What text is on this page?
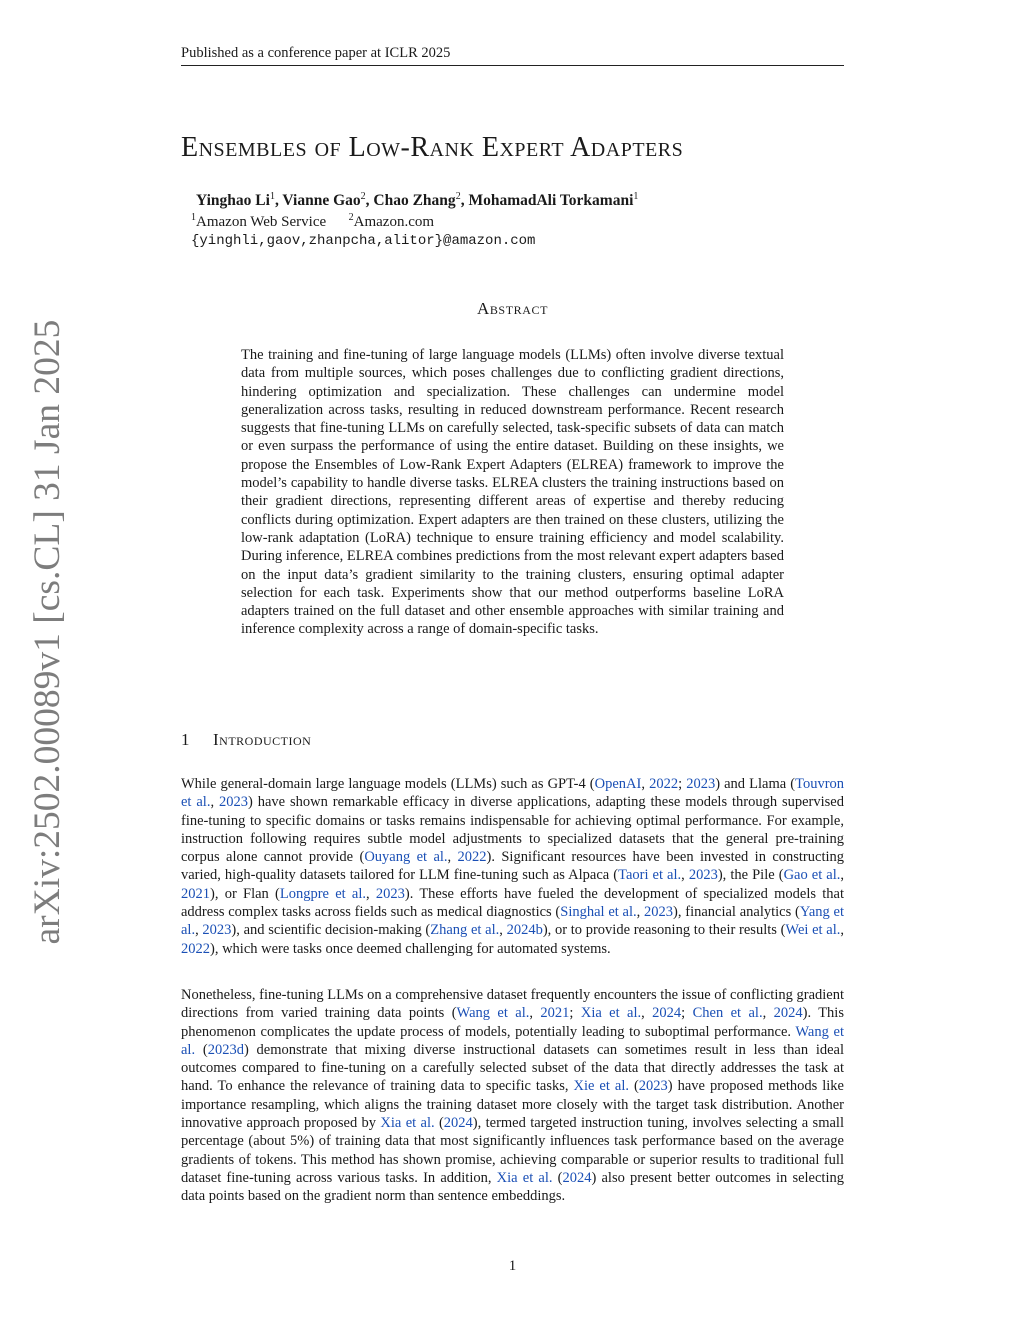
Published as a conference paper at ICLR 2025
arXiv:2502.00089v1 [cs.CL] 31 Jan 2025
Ensembles of Low-Rank Expert Adapters
Yinghao Li$^1$, Vianne Gao$^2$, Chao Zhang$^2$, MohamadAli Torkamani$^1$
$^1$Amazon Web Service   $^2$Amazon.com
{yinghli,gaov,zhanpcha,alitor}@amazon.com
Abstract
The training and fine-tuning of large language models (LLMs) often involve diverse textual data from multiple sources, which poses challenges due to conflicting gradient directions, hindering optimization and specialization. These challenges can undermine model generalization across tasks, resulting in reduced downstream performance. Recent research suggests that fine-tuning LLMs on carefully selected, task-specific subsets of data can match or even surpass the performance of using the entire dataset. Building on these insights, we propose the Ensembles of Low-Rank Expert Adapters (ELREA) framework to improve the model’s capability to handle diverse tasks. ELREA clusters the training instructions based on their gradient directions, representing different areas of expertise and thereby reducing conflicts during optimization. Expert adapters are then trained on these clusters, utilizing the low-rank adaptation (LoRA) technique to ensure training efficiency and model scalability. During inference, ELREA combines predictions from the most relevant expert adapters based on the input data’s gradient similarity to the training clusters, ensuring optimal adapter selection for each task. Experiments show that our method outperforms baseline LoRA adapters trained on the full dataset and other ensemble approaches with similar training and inference complexity across a range of domain-specific tasks.
1 Introduction
While general-domain large language models (LLMs) such as GPT-4 (OpenAI, 2022; 2023) and Llama (Touvron et al., 2023) have shown remarkable efficacy in diverse applications, adapting these models through supervised fine-tuning to specific domains or tasks remains indispensable for achieving optimal performance. For example, instruction following requires subtle model adjustments to specialized datasets that the general pre-training corpus alone cannot provide (Ouyang et al., 2022). Significant resources have been invested in constructing varied, high-quality datasets tailored for LLM fine-tuning such as Alpaca (Taori et al., 2023), the Pile (Gao et al., 2021), or Flan (Longpre et al., 2023). These efforts have fueled the development of specialized models that address complex tasks across fields such as medical diagnostics (Singhal et al., 2023), financial analytics (Yang et al., 2023), and scientific decision-making (Zhang et al., 2024b), or to provide reasoning to their results (Wei et al., 2022), which were tasks once deemed challenging for automated systems.
Nonetheless, fine-tuning LLMs on a comprehensive dataset frequently encounters the issue of conflicting gradient directions from varied training data points (Wang et al., 2021; Xia et al., 2024; Chen et al., 2024). This phenomenon complicates the update process of models, potentially leading to suboptimal performance. Wang et al. (2023d) demonstrate that mixing diverse instructional datasets can sometimes result in less than ideal outcomes compared to fine-tuning on a carefully selected subset of the data that directly addresses the task at hand. To enhance the relevance of training data to specific tasks, Xie et al. (2023) have proposed methods like importance resampling, which aligns the training dataset more closely with the target task distribution. Another innovative approach proposed by Xia et al. (2024), termed targeted instruction tuning, involves selecting a small percentage (about 5%) of training data that most significantly influences task performance based on the average gradients of tokens. This method has shown promise, achieving comparable or superior results to traditional full dataset fine-tuning across various tasks. In addition, Xia et al. (2024) also present better outcomes in selecting data points based on the gradient norm than sentence embeddings.
1
